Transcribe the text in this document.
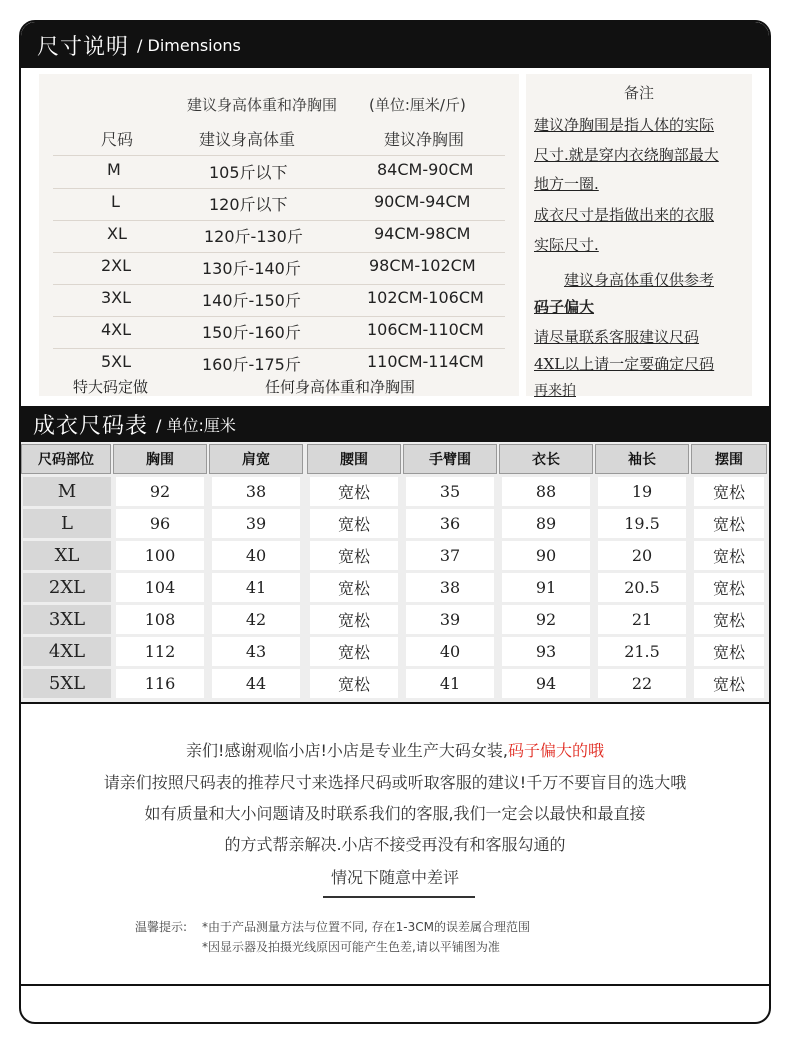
尺寸说明 / Dimensions
建议身高体重和净胸围 (单位:厘米/斤)
尺码	建议身高体重	建议净胸围
M	105斤以下	84CM-90CM
L	120斤以下	90CM-94CM
XL	120斤-130斤	94CM-98CM
2XL	130斤-140斤	98CM-102CM
3XL	140斤-150斤	102CM-106CM
4XL	150斤-160斤	106CM-110CM
5XL	160斤-175斤	110CM-114CM
特大码定做	任何身高体重和净胸围
备注
建议净胸围是指人体的实际
尺寸.就是穿内衣绕胸部最大
地方一圈.
成衣尺寸是指做出来的衣服
实际尺寸.
建议身高体重仅供参考
码子偏大
请尽量联系客服建议尺码
4XL以上请一定要确定尺码
再来拍
成衣尺码表 / 单位:厘米
尺码部位	胸围	肩宽	腰围	手臂围	衣长	袖长	摆围
M	92	38	宽松	35	88	19	宽松
L	96	39	宽松	36	89	19.5	宽松
XL	100	40	宽松	37	90	20	宽松
2XL	104	41	宽松	38	91	20.5	宽松
3XL	108	42	宽松	39	92	21	宽松
4XL	112	43	宽松	40	93	21.5	宽松
5XL	116	44	宽松	41	94	22	宽松
亲们!感谢观临小店!小店是专业生产大码女装,码子偏大的哦
请亲们按照尺码表的推荐尺寸来选择尺码或听取客服的建议!千万不要盲目的选大哦
如有质量和大小问题请及时联系我们的客服,我们一定会以最快和最直接
的方式帮亲解决.小店不接受再没有和客服勾通的
情况下随意中差评
温馨提示: *由于产品测量方法与位置不同, 存在1-3CM的误差属合理范围
*因显示器及拍摄光线原因可能产生色差,请以平铺图为准
